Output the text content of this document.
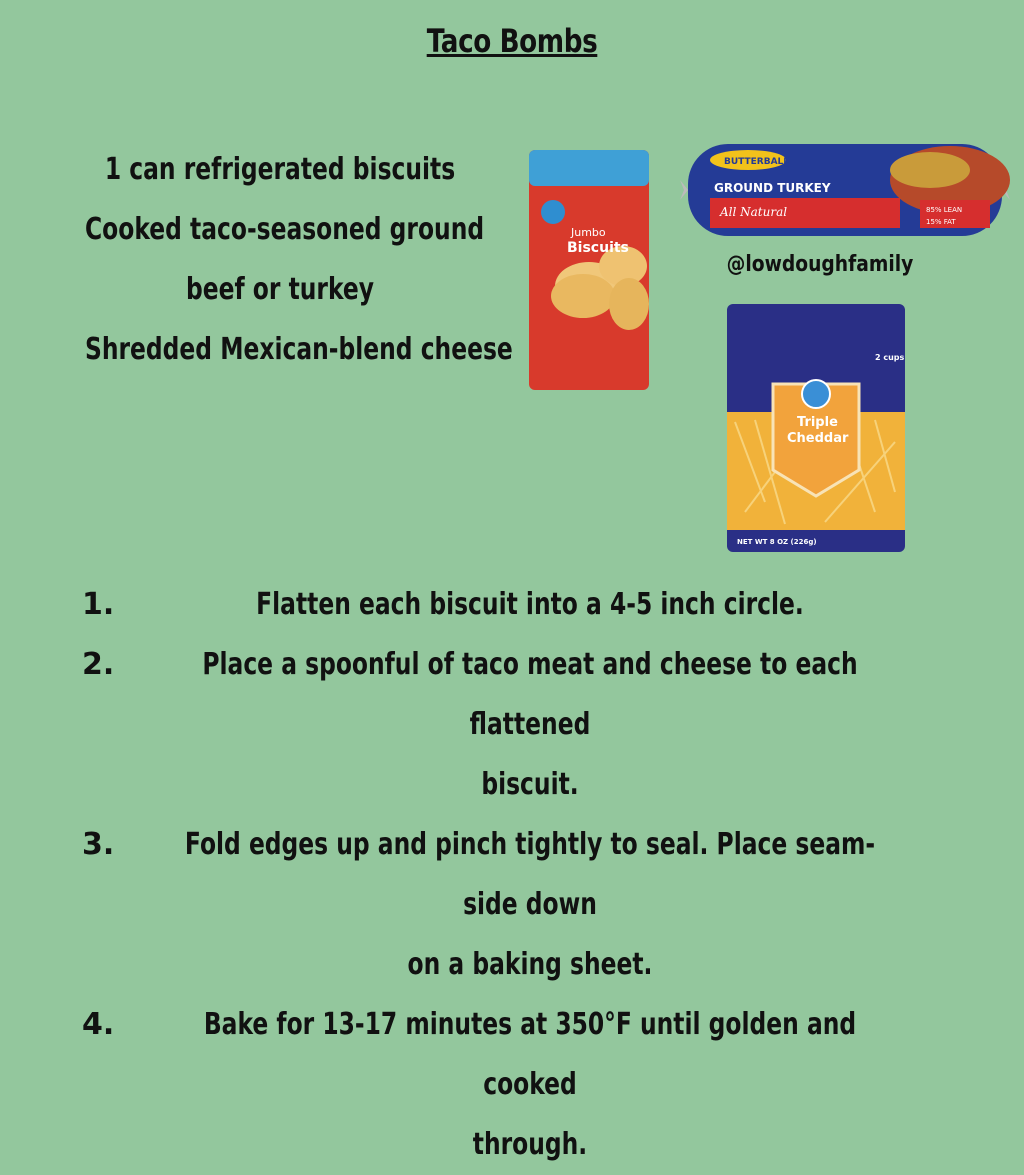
Taco Bombs
1 can refrigerated biscuits
Cooked taco-seasoned ground
beef or turkey
Shredded Mexican-blend cheese
Jumbo
Biscuits
BUTTERBALL
GROUND TURKEY
All Natural	85% LEAN
15% FAT
@lowdoughfamily
Triple
Cheddar
2 cups
NET WT 8 OZ (226g)
1.	Flatten each biscuit into a 4-5 inch circle.
2.	Place a spoonful of taco meat and cheese to each flattened
biscuit.
3.	Fold edges up and pinch tightly to seal. Place seam-side down
on a baking sheet.
4.	Bake for 13-17 minutes at 350°F until golden and cooked
through.
